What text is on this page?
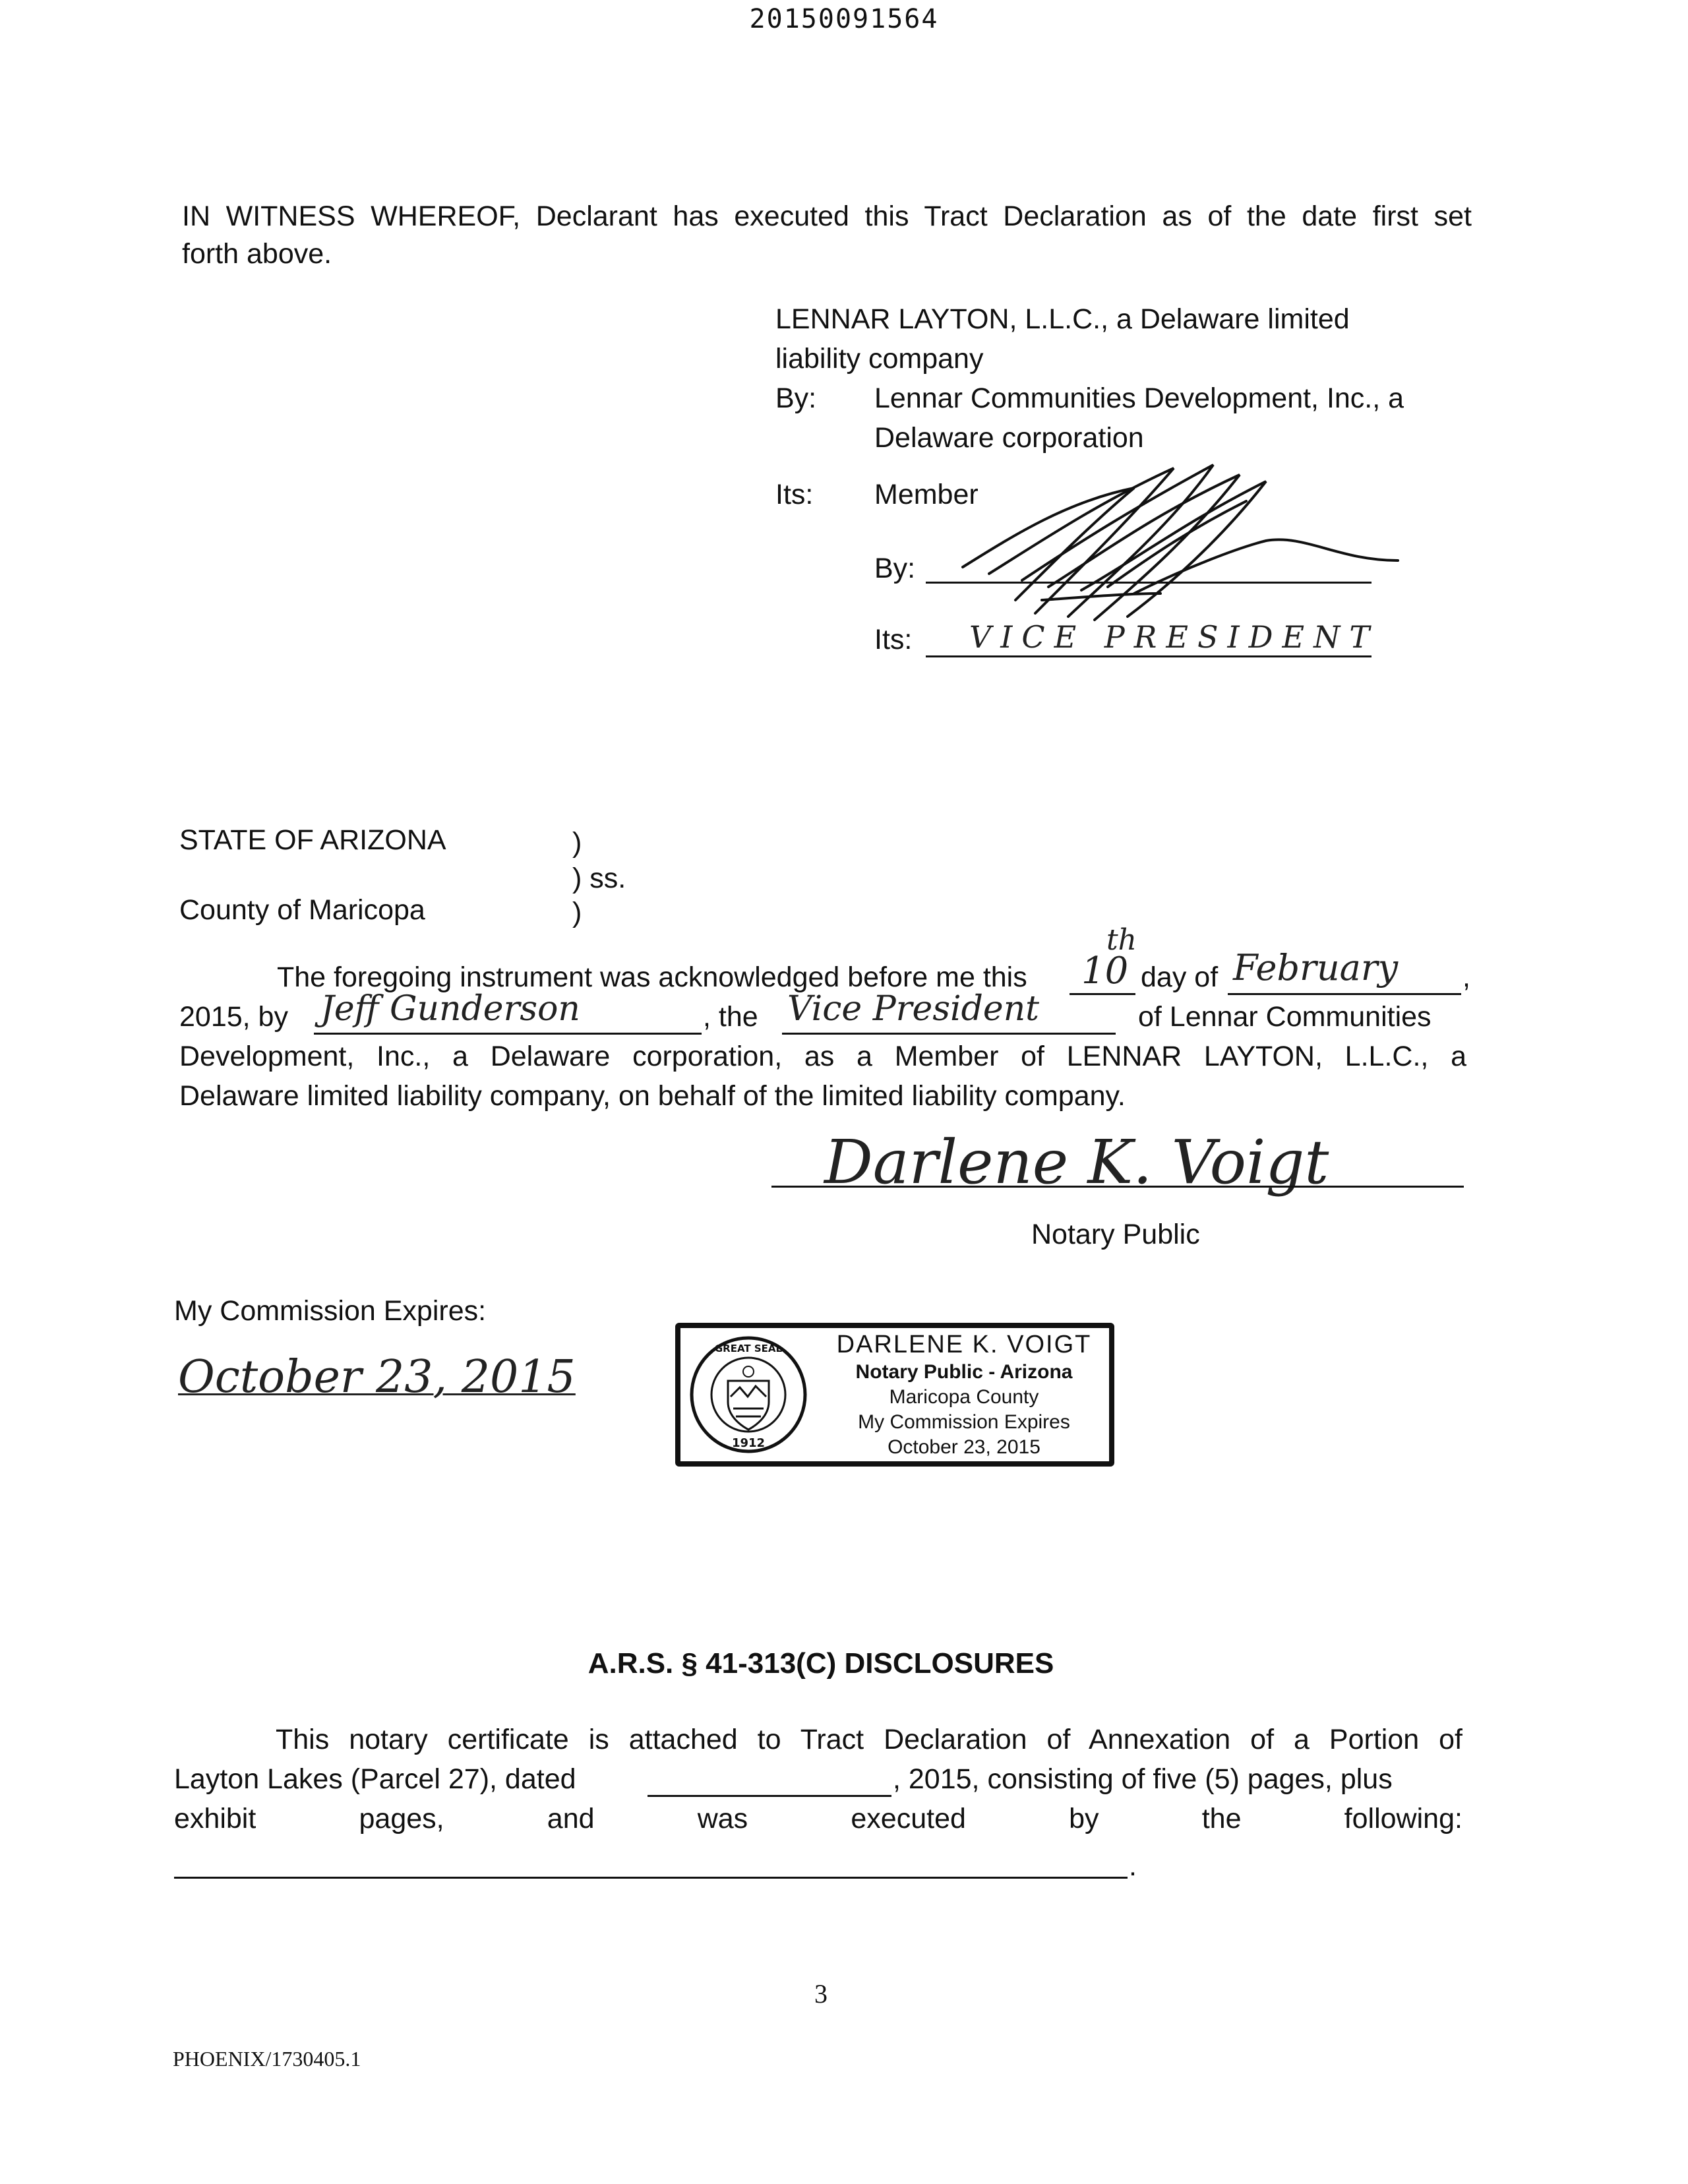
20150091564
IN WITNESS WHEREOF, Declarant has executed this Tract Declaration as of the date first set
forth above.
LENNAR LAYTON, L.L.C., a Delaware limited
liability company
By: Lennar Communities Development, Inc., a
Delaware corporation
Its: Member
By:
Its: VICE PRESIDENT
STATE OF ARIZONA	)
) ss.
County of Maricopa	)
The foregoing instrument was acknowledged before me this
th
10 day of February ,
2015, by Jeff Gunderson	, the Vice President	of Lennar Communities
Development, Inc., a Delaware corporation, as a Member of LENNAR LAYTON, L.L.C., a
Delaware limited liability company, on behalf of the limited liability company.
Darlene K. Voigt
Notary Public
My Commission Expires:
October 23, 2015
GREAT SEAL
1912
DARLENE K. VOIGT
Notary Public - Arizona
Maricopa County
My Commission Expires
October 23, 2015
A.R.S. § 41-313(C) DISCLOSURES
This notary certificate is attached to Tract Declaration of Annexation of a Portion of
Layton Lakes (Parcel 27), dated	, 2015, consisting of five (5) pages, plus
exhibit	pages,	and	was	executed	by	the	following:
.
3
PHOENIX/1730405.1
